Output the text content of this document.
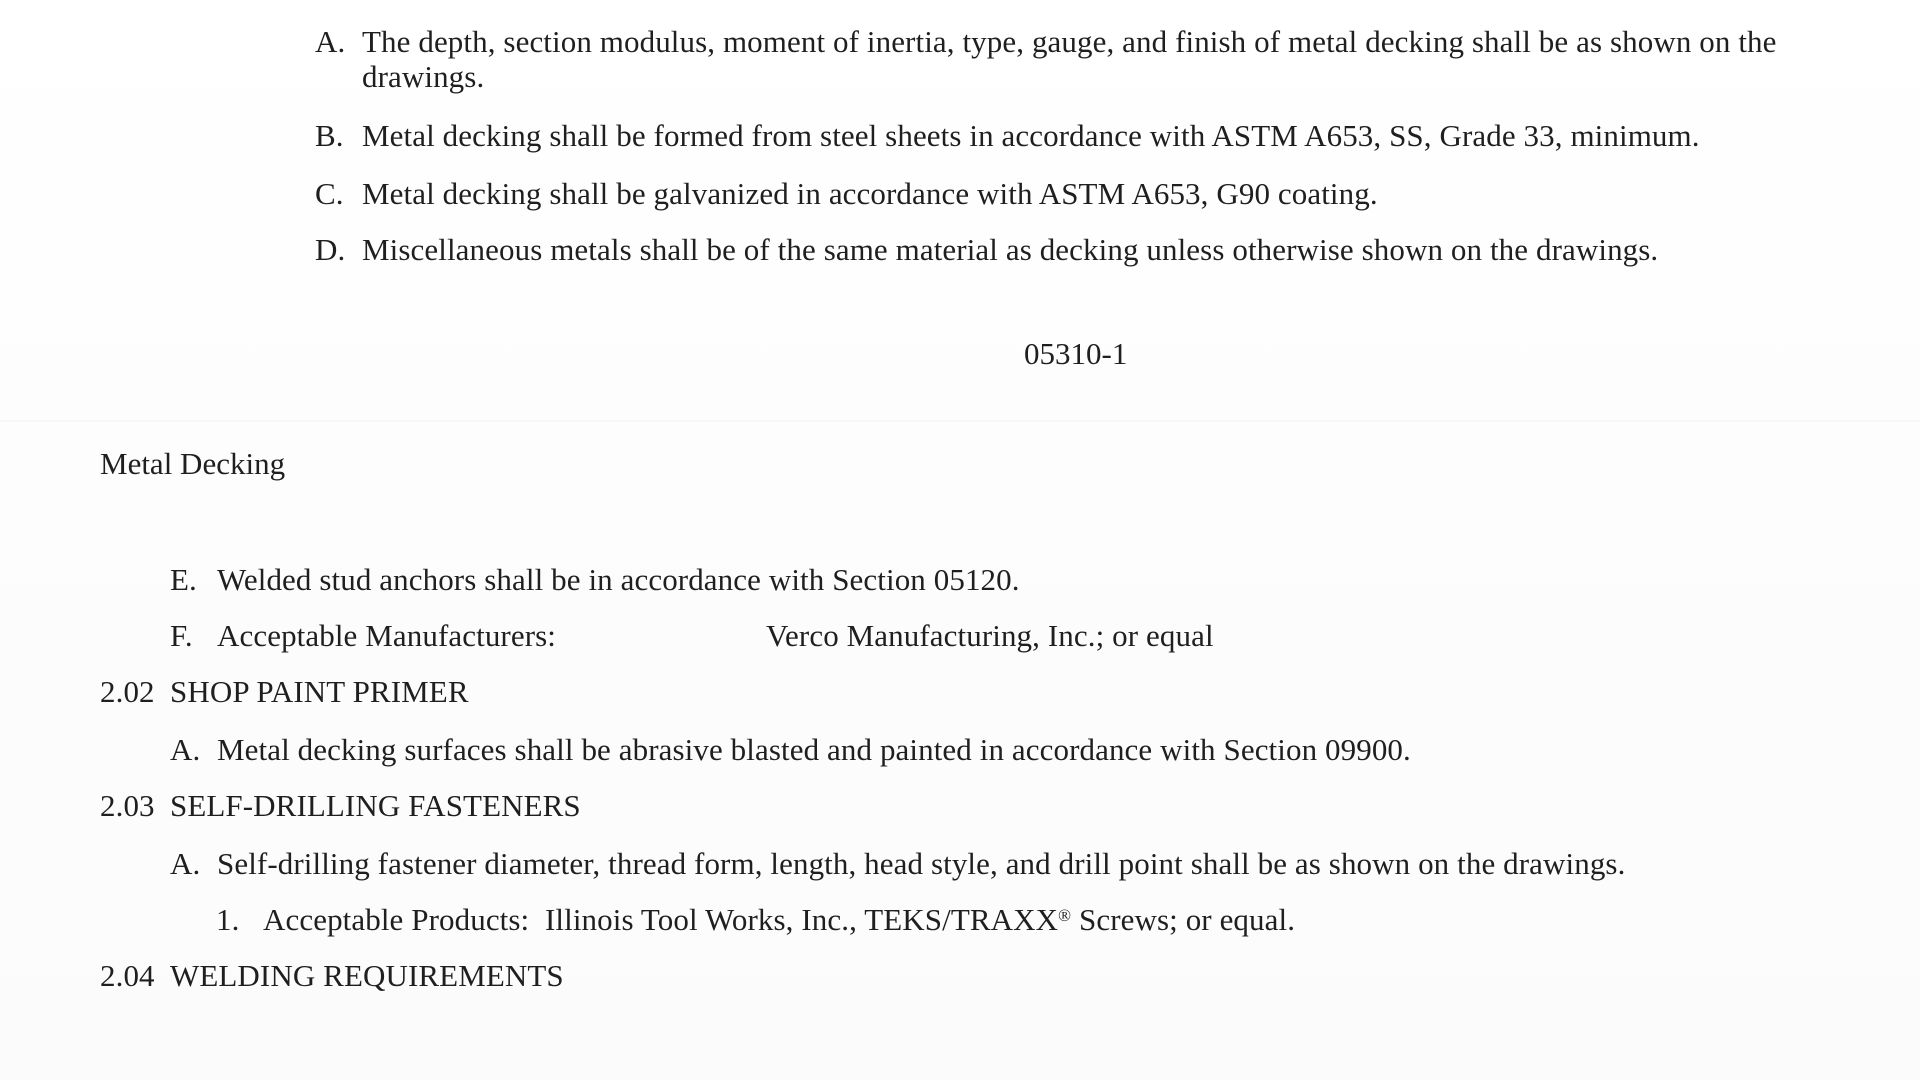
A. The depth, section modulus, moment of inertia, type, gauge, and finish of metal decking shall be as shown on the
drawings.
B. Metal decking shall be formed from steel sheets in accordance with ASTM A653, SS, Grade 33, minimum.
C. Metal decking shall be galvanized in accordance with ASTM A653, G90 coating.
D. Miscellaneous metals shall be of the same material as decking unless otherwise shown on the drawings.
05310-1
Metal Decking
E. Welded stud anchors shall be in accordance with Section 05120.
F. Acceptable Manufacturers:	Verco Manufacturing, Inc.; or equal
2.02 SHOP PAINT PRIMER
A. Metal decking surfaces shall be abrasive blasted and painted in accordance with Section 09900.
2.03 SELF-DRILLING FASTENERS
A. Self-drilling fastener diameter, thread form, length, head style, and drill point shall be as shown on the drawings.
1. Acceptable Products: Illinois Tool Works, Inc., TEKS/TRAXX® Screws; or equal.
2.04 WELDING REQUIREMENTS
